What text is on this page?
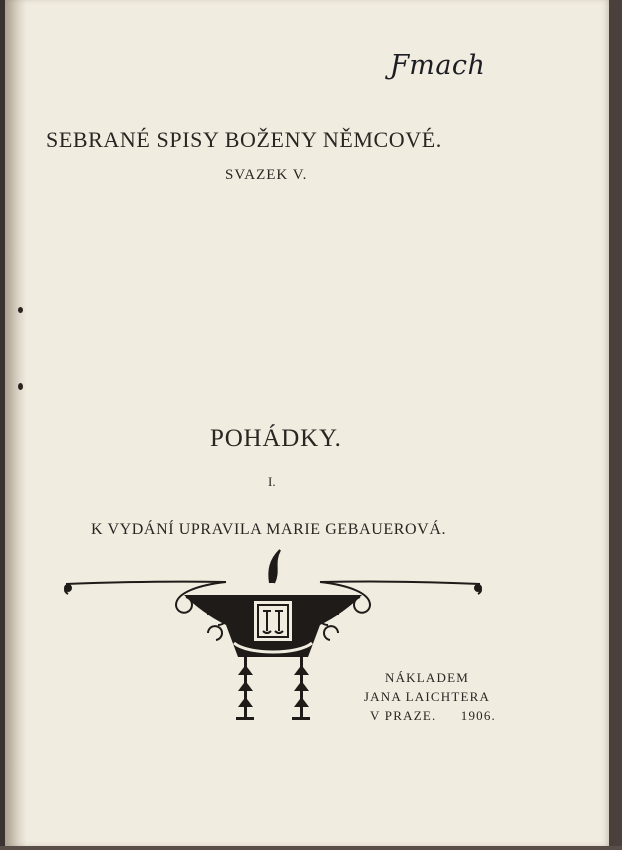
Ƒmach
SEBRANÉ SPISY BOŽENY NĚMCOVÉ.
SVAZEK V.
POHÁDKY.
I.
K VYDÁNÍ UPRAVILA MARIE GEBAUEROVÁ.
NÁKLADEM
JANA LAICHTERA
V PRAZE. 1906.
